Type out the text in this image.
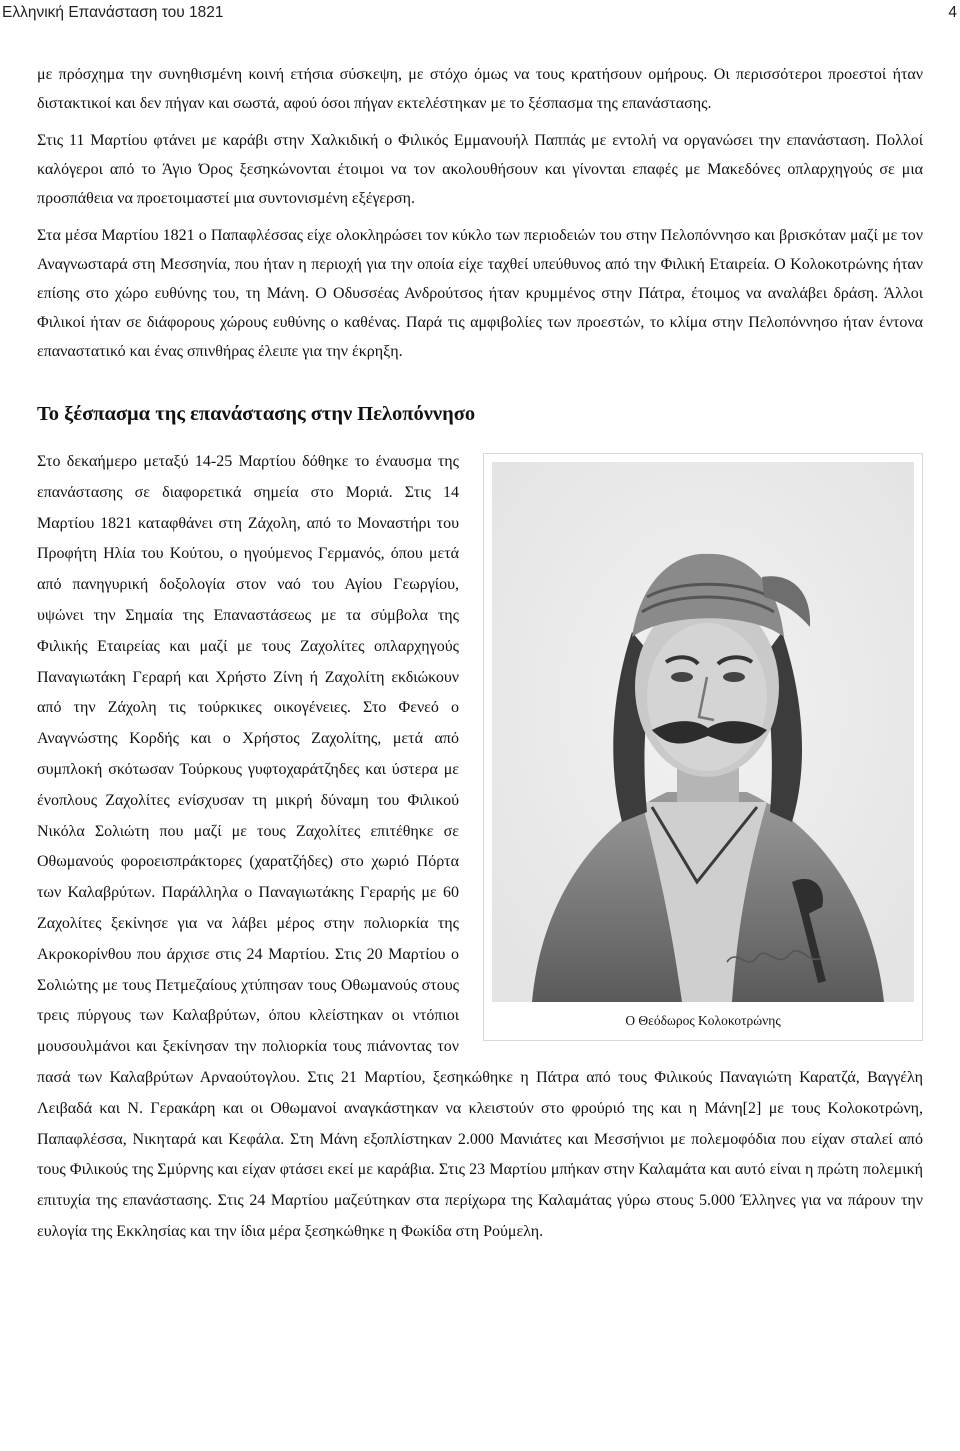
Ελληνική Επανάσταση του 1821	4

με πρόσχημα την συνηθισμένη κοινή ετήσια σύσκεψη, με στόχο όμως να τους κρατήσουν ομήρους. Οι περισσότεροι προεστοί ήταν διστακτικοί και δεν πήγαν και σωστά, αφού όσοι πήγαν εκτελέστηκαν με το ξέσπασμα της επανάστασης.

Στις 11 Μαρτίου φτάνει με καράβι στην Χαλκιδική ο Φιλικός Εμμανουήλ Παππάς με εντολή να οργανώσει την επανάσταση. Πολλοί καλόγεροι από το Άγιο Όρος ξεσηκώνονται έτοιμοι να τον ακολουθήσουν και γίνονται επαφές με Μακεδόνες οπλαρχηγούς σε μια προσπάθεια να προετοιμαστεί μια συντονισμένη εξέγερση.

Στα μέσα Μαρτίου 1821 ο Παπαφλέσσας είχε ολοκληρώσει τον κύκλο των περιοδειών του στην Πελοπόννησο και βρισκόταν μαζί με τον Αναγνωσταρά στη Μεσσηνία, που ήταν η περιοχή για την οποία είχε ταχθεί υπεύθυνος από την Φιλική Εταιρεία. Ο Κολοκοτρώνης ήταν επίσης στο χώρο ευθύνης του, τη Μάνη. Ο Οδυσσέας Ανδρούτσος ήταν κρυμμένος στην Πάτρα, έτοιμος να αναλάβει δράση. Άλλοι Φιλικοί ήταν σε διάφορους χώρους ευθύνης ο καθένας. Παρά τις αμφιβολίες των προεστών, το κλίμα στην Πελοπόννησο ήταν έντονα επαναστατικό και ένας σπινθήρας έλειπε για την έκρηξη.

Το ξέσπασμα της επανάστασης στην Πελοπόννησο
Ο Θεόδωρος Κολοκοτρώνης

Στο δεκαήμερο μεταξύ 14-25 Μαρτίου δόθηκε το έναυσμα της επανάστασης σε διαφορετικά σημεία στο Μοριά. Στις 14 Μαρτίου 1821 καταφθάνει στη Ζάχολη, από το Μοναστήρι του Προφήτη Ηλία του Κούτου, ο ηγούμενος Γερμανός, όπου μετά από πανηγυρική δοξολογία στον ναό του Αγίου Γεωργίου, υψώνει την Σημαία της Επαναστάσεως με τα σύμβολα της Φιλικής Εταιρείας και μαζί με τους Ζαχολίτες οπλαρχηγούς Παναγιωτάκη Γεραρή και Χρήστο Ζίνη ή Ζαχολίτη εκδιώκουν από την Ζάχολη τις τούρκικες οικογένειες. Στο Φενεό ο Αναγνώστης Κορδής και ο Χρήστος Ζαχολίτης, μετά από συμπλοκή σκότωσαν Τούρκους γυφτοχαράτζηδες και ύστερα με ένοπλους Ζαχολίτες ενίσχυσαν τη μικρή δύναμη του Φιλικού Νικόλα Σολιώτη που μαζί με τους Ζαχολίτες επιτέθηκε σε Οθωμανούς φοροεισπράκτορες (χαρατζήδες) στο χωριό Πόρτα των Καλαβρύτων. Παράλληλα ο Παναγιωτάκης Γεραρής με 60 Ζαχολίτες ξεκίνησε για να λάβει μέρος στην πολιορκία της Ακροκορίνθου που άρχισε στις 24 Μαρτίου. Στις 20 Μαρτίου ο Σολιώτης με τους Πετμεζαίους χτύπησαν τους Οθωμανούς στους τρεις πύργους των Καλαβρύτων, όπου κλείστηκαν οι ντόπιοι μουσουλμάνοι και ξεκίνησαν την πολιορκία τους πιάνοντας τον πασά των Καλαβρύτων Αρναούτογλου. Στις 21 Μαρτίου, ξεσηκώθηκε η Πάτρα από τους Φιλικούς Παναγιώτη Καρατζά, Βαγγέλη Λειβαδά και Ν. Γερακάρη και οι Οθωμανοί αναγκάστηκαν να κλειστούν στο φρούριό της και η Μάνη[2] με τους Κολοκοτρώνη, Παπαφλέσσα, Νικηταρά και Κεφάλα. Στη Μάνη εξοπλίστηκαν 2.000 Μανιάτες και Μεσσήνιοι με πολεμοφόδια που είχαν σταλεί από τους Φιλικούς της Σμύρνης και είχαν φτάσει εκεί με καράβια. Στις 23 Μαρτίου μπήκαν στην Καλαμάτα και αυτό είναι η πρώτη πολεμική επιτυχία της επανάστασης. Στις 24 Μαρτίου μαζεύτηκαν στα περίχωρα της Καλαμάτας γύρω στους 5.000 Έλληνες για να πάρουν την ευλογία της Εκκλησίας και την ίδια μέρα ξεσηκώθηκε η Φωκίδα στη Ρούμελη.
